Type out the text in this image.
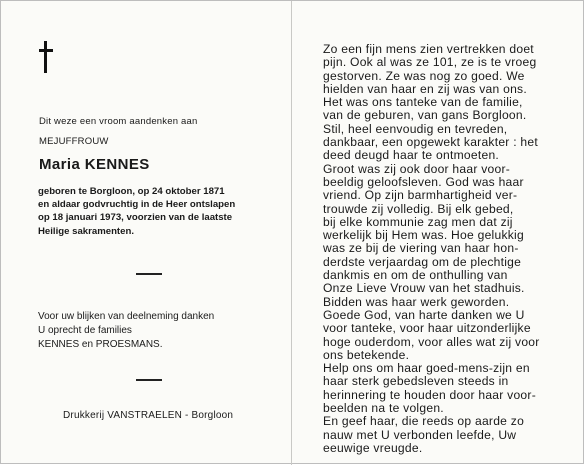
Dit weze een vroom aandenken aan
MEJUFFROUW
Maria KENNES
geboren te Borgloon, op 24 oktober 1871
en aldaar godvruchtig in de Heer ontslapen
op 18 januari 1973, voorzien van de laatste
Heilige sakramenten.
Voor uw blijken van deelneming danken
U oprecht de families
KENNES en PROESMANS.
Drukkerij VANSTRAELEN - Borgloon
Zo een fijn mens zien vertrekken doet
pijn. Ook al was ze 101, ze is te vroeg
gestorven. Ze was nog zo goed. We
hielden van haar en zij was van ons.
Het was ons tanteke van de familie,
van de geburen, van gans Borgloon.
Stil, heel eenvoudig en tevreden,
dankbaar, een opgewekt karakter : het
deed deugd haar te ontmoeten.
Groot was zij ook door haar voor-
beeldig geloofsleven. God was haar
vriend. Op zijn barmhartigheid ver-
trouwde zij volledig. Bij elk gebed,
bij elke kommunie zag men dat zij
werkelijk bij Hem was. Hoe gelukkig
was ze bij de viering van haar hon-
derdste verjaardag om de plechtige
dankmis en om de onthulling van
Onze Lieve Vrouw van het stadhuis.
Bidden was haar werk geworden.
Goede God, van harte danken we U
voor tanteke, voor haar uitzonderlijke
hoge ouderdom, voor alles wat zij voor
ons betekende.
Help ons om haar goed-mens-zijn en
haar sterk gebedsleven steeds in
herinnering te houden door haar voor-
beelden na te volgen.
En geef haar, die reeds op aarde zo
nauw met U verbonden leefde, Uw
eeuwige vreugde.
